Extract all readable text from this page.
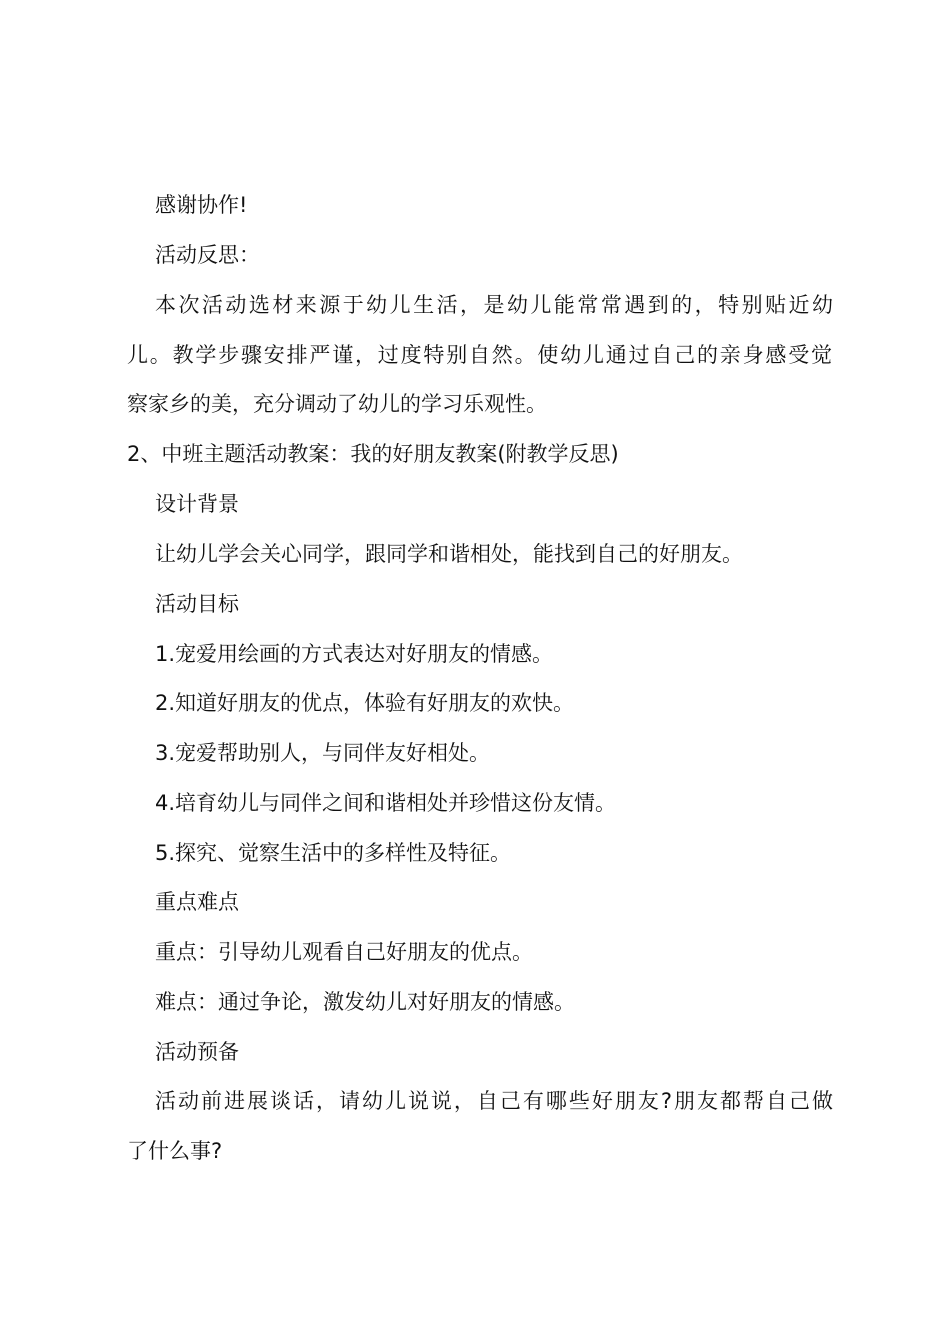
感谢协作!

活动反思：

本次活动选材来源于幼儿生活，是幼儿能常常遇到的，特别贴近幼

儿。教学步骤安排严谨，过度特别自然。使幼儿通过自己的亲身感受觉

察家乡的美，充分调动了幼儿的学习乐观性。

2、中班主题活动教案：我的好朋友教案(附教学反思)

设计背景

让幼儿学会关心同学，跟同学和谐相处，能找到自己的好朋友。

活动目标

1.宠爱用绘画的方式表达对好朋友的情感。

2.知道好朋友的优点，体验有好朋友的欢快。

3.宠爱帮助别人，与同伴友好相处。

4.培育幼儿与同伴之间和谐相处并珍惜这份友情。

5.探究、觉察生活中的多样性及特征。

重点难点

重点：引导幼儿观看自己好朋友的优点。

难点：通过争论，激发幼儿对好朋友的情感。

活动预备

活动前进展谈话，请幼儿说说，自己有哪些好朋友?朋友都帮自己做

了什么事?
